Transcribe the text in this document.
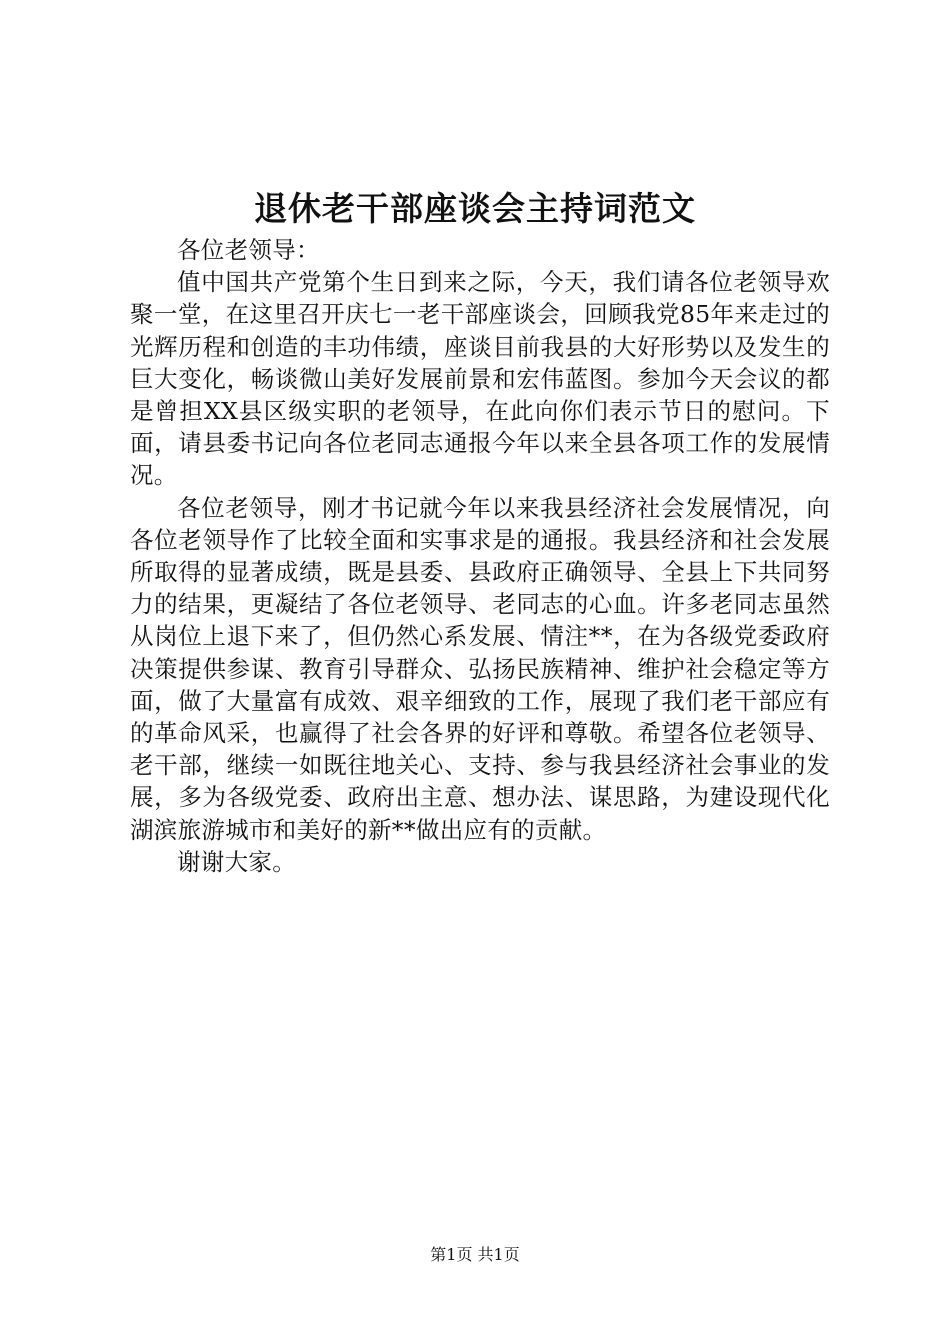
退休老干部座谈会主持词范文

各位老领导：

值中国共产党第个生日到来之际，今天，我们请各位老领导欢聚一堂，在这里召开庆七一老干部座谈会，回顾我党85年来走过的光辉历程和创造的丰功伟绩，座谈目前我县的大好形势以及发生的巨大变化，畅谈微山美好发展前景和宏伟蓝图。参加今天会议的都是曾担XX县区级实职的老领导，在此向你们表示节日的慰问。下面，请县委书记向各位老同志通报今年以来全县各项工作的发展情况。

各位老领导，刚才书记就今年以来我县经济社会发展情况，向各位老领导作了比较全面和实事求是的通报。我县经济和社会发展所取得的显著成绩，既是县委、县政府正确领导、全县上下共同努力的结果，更凝结了各位老领导、老同志的心血。许多老同志虽然从岗位上退下来了，但仍然心系发展、情注**，在为各级党委政府决策提供参谋、教育引导群众、弘扬民族精神、维护社会稳定等方面，做了大量富有成效、艰辛细致的工作，展现了我们老干部应有的革命风采，也赢得了社会各界的好评和尊敬。希望各位老领导、老干部，继续一如既往地关心、支持、参与我县经济社会事业的发展，多为各级党委、政府出主意、想办法、谋思路，为建设现代化湖滨旅游城市和美好的新**做出应有的贡献。

谢谢大家。

第1页 共1页
